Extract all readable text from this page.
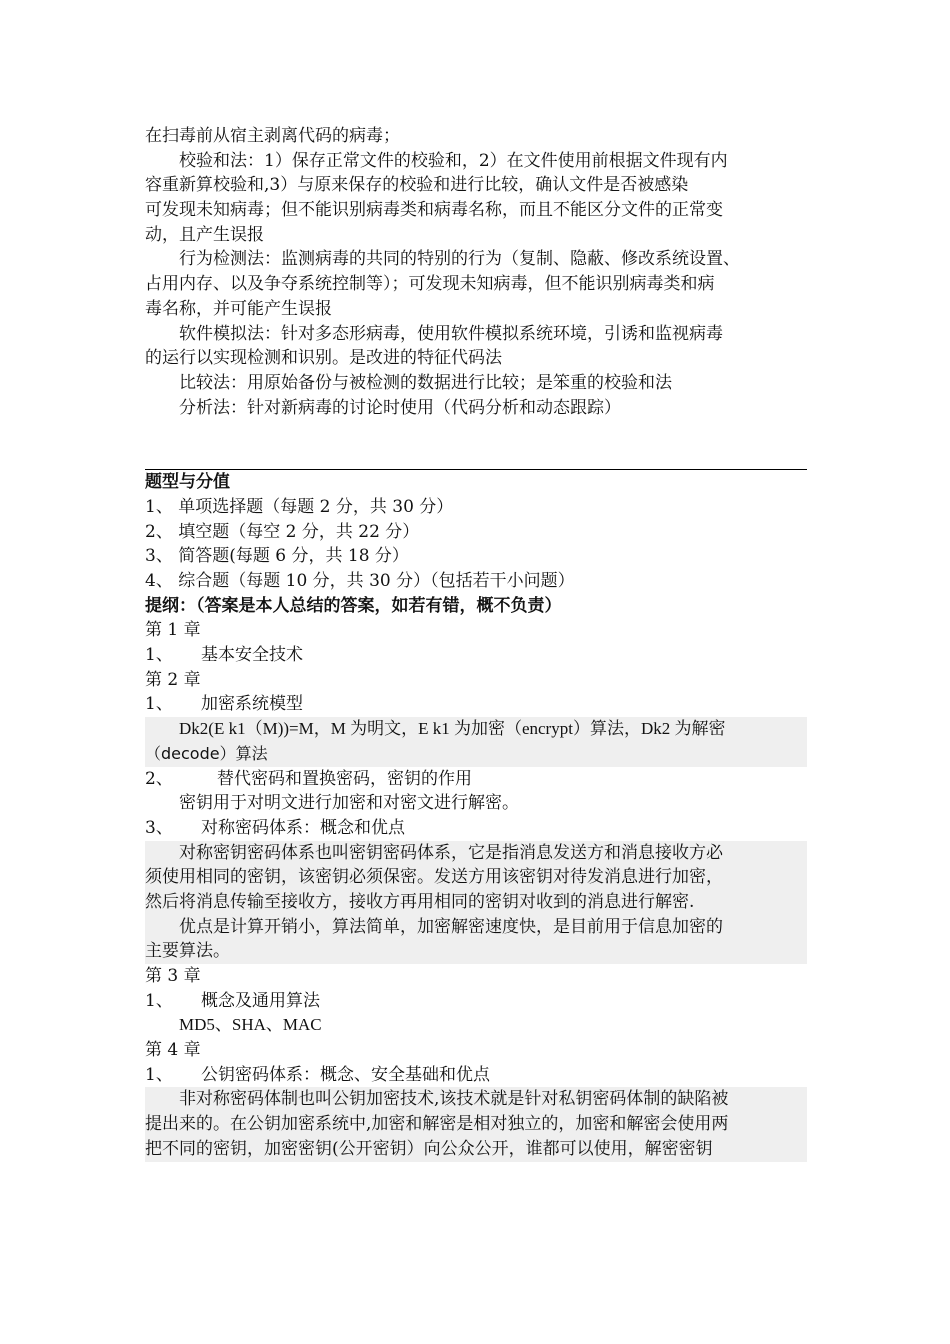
在扫毒前从宿主剥离代码的病毒；
校验和法：1）保存正常文件的校验和，2）在文件使用前根据文件现有内
容重新算校验和,3）与原来保存的校验和进行比较，确认文件是否被感染
可发现未知病毒；但不能识别病毒类和病毒名称，而且不能区分文件的正常变
动，且产生误报
行为检测法：监测病毒的共同的特别的行为（复制、隐蔽、修改系统设置、
占用内存、以及争夺系统控制等）；可发现未知病毒，但不能识别病毒类和病
毒名称，并可能产生误报
软件模拟法：针对多态形病毒，使用软件模拟系统环境，引诱和监视病毒
的运行以实现检测和识别。是改进的特征代码法
比较法：用原始备份与被检测的数据进行比较；是笨重的校验和法
分析法：针对新病毒的讨论时使用（代码分析和动态跟踪）
题型与分值
1、 单项选择题（每题 2 分，共 30 分）
2、 填空题（每空 2 分，共 22 分）
3、 简答题(每题 6 分，共 18 分）
4、 综合题（每题 10 分，共 30 分）（包括若干小问题）
提纲：（答案是本人总结的答案，如若有错，概不负责）
第 1 章
1、 基本安全技术
第 2 章
1、 加密系统模型
Dk2(E k1（M))=M，M 为明文，E k1 为加密（encrypt）算法，Dk2 为解密
（decode）算法
2、	替代密码和置换密码，密钥的作用
密钥用于对明文进行加密和对密文进行解密。
3、 对称密码体系：概念和优点
对称密钥密码体系也叫密钥密码体系，它是指消息发送方和消息接收方必
须使用相同的密钥，该密钥必须保密。发送方用该密钥对待发消息进行加密，
然后将消息传输至接收方，接收方再用相同的密钥对收到的消息进行解密.
优点是计算开销小，算法简单，加密解密速度快，是目前用于信息加密的
主要算法。
第 3 章
1、 概念及通用算法
MD5、SHA、MAC
第 4 章
1、 公钥密码体系：概念、安全基础和优点
非对称密码体制也叫公钥加密技术,该技术就是针对私钥密码体制的缺陷被
提出来的。在公钥加密系统中,加密和解密是相对独立的，加密和解密会使用两
把不同的密钥，加密密钥(公开密钥）向公众公开，谁都可以使用，解密密钥
